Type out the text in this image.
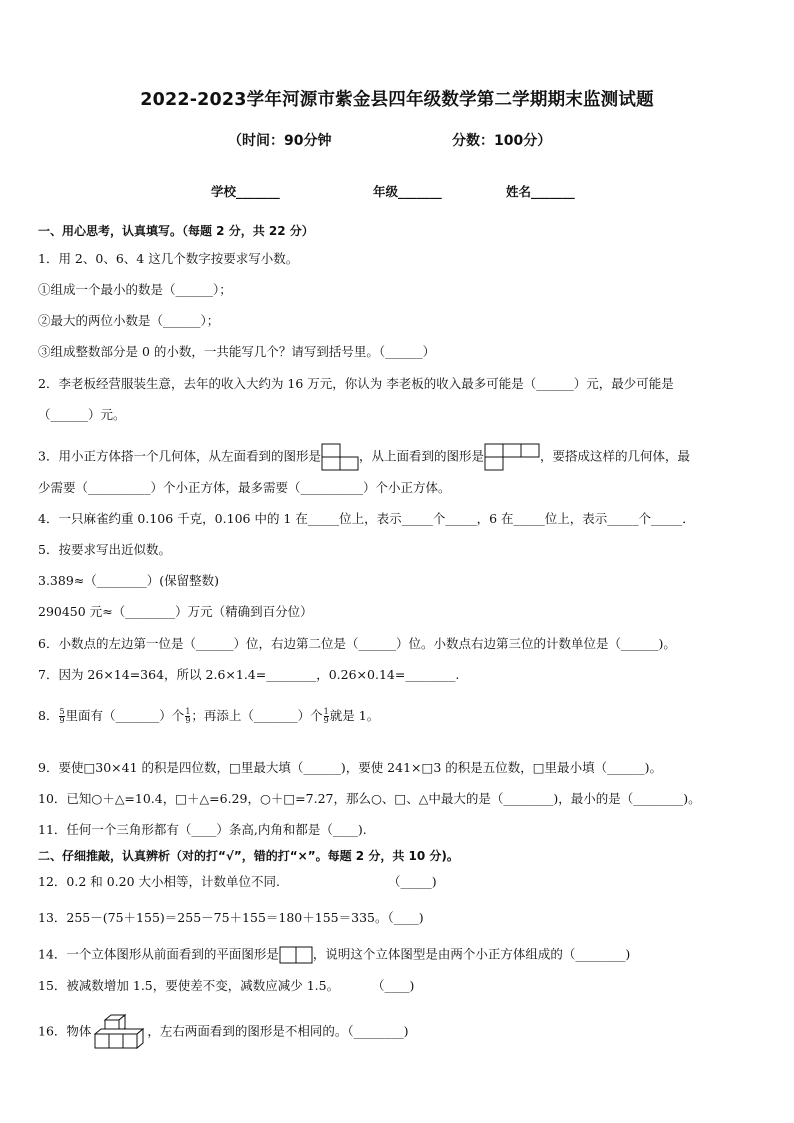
2022-2023学年河源市紫金县四年级数学第二学期期末监测试题
（时间：90分钟	分数：100分）
学校_______	年级_______	姓名_______
一、用心思考，认真填写。（每题 2 分，共 22 分）
1．用 2、0、6、4 这几个数字按要求写小数。
①组成一个最小的数是（______）；
②最大的两位小数是（______）；
③组成整数部分是 0 的小数，一共能写几个？请写到括号里。（______）
2．李老板经营服装生意，去年的收入大约为 16 万元，你认为 李老板的收入最多可能是（______）元，最少可能是
（______）元。
3．用小正方体搭一个几何体，从左面看到的图形是	，从上面看到的图形是	，要搭成这样的几何体，最
少需要（__________）个小正方体，最多需要（__________）个小正方体。
4．一只麻雀约重 0.106 千克，0.106 中的 1 在_____位上，表示_____个_____，6 在_____位上，表示_____个_____．
5．按要求写出近似数。
3.389≈（________）(保留整数)
290450 元≈（________）万元（精确到百分位）
6．小数点的左边第一位是（______）位，右边第二位是（______）位。小数点右边第三位的计数单位是（______)。
7．因为 26×14=364，所以 2.6×1.4=________，0.26×0.14=________.
8． $\frac{5}{9}$ 里面有（_______）个 $\frac{1}{9}$ ；再添上（_______）个 $\frac{1}{9}$ 就是 1。
9．要使□30×41 的积是四位数，□里最大填（______)，要使 241×□3 的积是五位数，□里最小填（______)。
10．已知○＋△=10.4，□＋△=6.29，○＋□=7.27，那么○、□、△中最大的是（________)，最小的是（________)。
11．任何一个三角形都有（____）条高,内角和都是（____).
二、仔细推敲，认真辨析（对的打“√”，错的打“×”。每题 2 分，共 10 分)。
12．0.2 和 0.20 大小相等，计数单位不同.	（_____)
13．255－(75＋155)＝255－75＋155＝180＋155＝335。（____)
14．一个立体图形从前面看到的平面图形是	，说明这个立体图型是由两个小正方体组成的（________)
15．被减数增加 1.5，要使差不变，减数应减少 1.5。	（____)
16．物体	，左右两面看到的图形是不相同的。（________)
